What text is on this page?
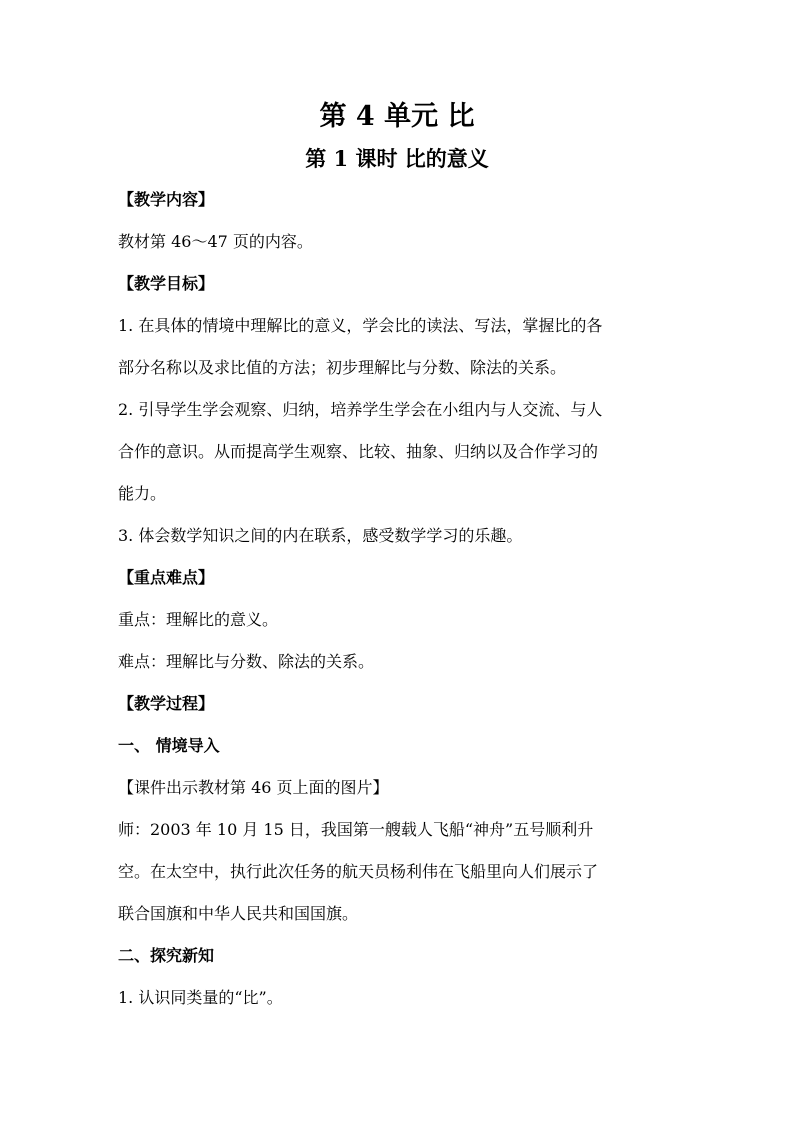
第 4 单元 比
第 1 课时 比的意义
【教学内容】
教材第 46～47 页的内容。
【教学目标】
1. 在具体的情境中理解比的意义，学会比的读法、写法，掌握比的各
部分名称以及求比值的方法；初步理解比与分数、除法的关系。
2. 引导学生学会观察、归纳，培养学生学会在小组内与人交流、与人
合作的意识。从而提高学生观察、比较、抽象、归纳以及合作学习的
能力。
3. 体会数学知识之间的内在联系，感受数学学习的乐趣。
【重点难点】
重点：理解比的意义。
难点：理解比与分数、除法的关系。
【教学过程】
一、 情境导入
【课件出示教材第 46 页上面的图片】
师：2003 年 10 月 15 日，我国第一艘载人飞船“神舟”五号顺利升
空。在太空中，执行此次任务的航天员杨利伟在飞船里向人们展示了
联合国旗和中华人民共和国国旗。
二、探究新知
1. 认识同类量的“比”。
